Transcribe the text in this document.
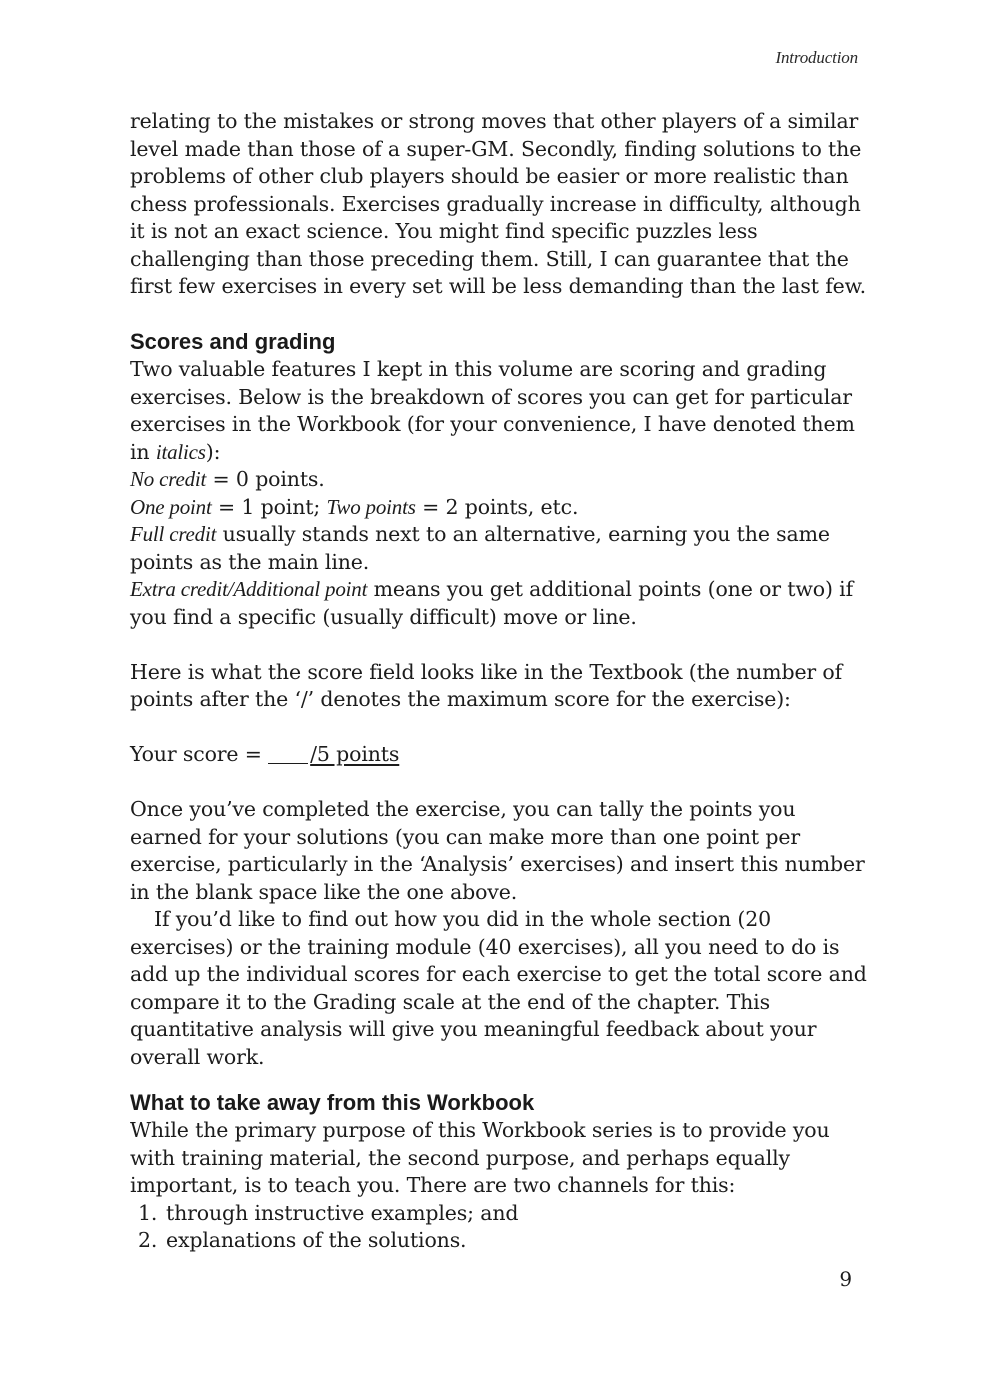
Introduction

relating to the mistakes or strong moves that other players of a similar level made than those of a super-GM. Secondly, finding solutions to the problems of other club players should be easier or more realistic than chess professionals. Exercises gradually increase in difficulty, although it is not an exact science. You might find specific puzzles less challenging than those preceding them. Still, I can guarantee that the first few exercises in every set will be less demanding than the last few.

Scores and grading

Two valuable features I kept in this volume are scoring and grading exercises. Below is the breakdown of scores you can get for particular exercises in the Workbook (for your convenience, I have denoted them in italics):

No credit = 0 points.

One point = 1 point; Two points = 2 points, etc.

Full credit usually stands next to an alternative, earning you the same points as the main line.

Extra credit/Additional point means you get additional points (one or two) if you find a specific (usually difficult) move or line.

Here is what the score field looks like in the Textbook (the number of points after the ‘/’ denotes the maximum score for the exercise):

Your score = /5 points

Once you’ve completed the exercise, you can tally the points you earned for your solutions (you can make more than one point per exercise, particularly in the ‘Analysis’ exercises) and insert this number in the blank space like the one above.

If you’d like to find out how you did in the whole section (20 exercises) or the training module (40 exercises), all you need to do is add up the individual scores for each exercise to get the total score and compare it to the Grading scale at the end of the chapter. This quantitative analysis will give you meaningful feedback about your overall work.

What to take away from this Workbook

While the primary purpose of this Workbook series is to provide you with training material, the second purpose, and perhaps equally important, is to teach you. There are two channels for this:

1. through instructive examples; and
2. explanations of the solutions.

9
